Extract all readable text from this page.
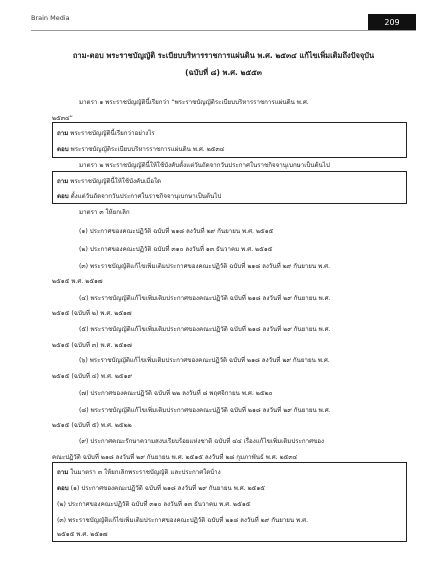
Brain Media	209
ถาม-ตอบ พระราชบัญญัติ ระเบียบบริหารราชการแผ่นดิน พ.ศ. ๒๕๓๔ แก้ไขเพิ่มเติมถึงปัจจุบัน
(ฉบับที่ ๘) พ.ศ. ๒๕๕๓
มาตรา ๑ พระราชบัญญัตินี้เรียกว่า “พระราชบัญญัติระเบียบบริหารราชการแผ่นดิน พ.ศ.
๒๕๓๔”
ถาม พระราชบัญญัตินี้เรียกว่าอย่างไร
ตอบ พระราชบัญญัติระเบียบบริหารราชการแผ่นดิน พ.ศ. ๒๕๓๔
มาตรา ๒ พระราชบัญญัตินี้ให้ใช้บังคับตั้งแต่วันถัดจากวันประกาศในราชกิจจานุเบกษาเป็นต้นไป
ถาม พระราชบัญญัตินี้ให้ใช้บังคับเมื่อใด
ตอบ ตั้งแต่วันถัดจากวันประกาศในราชกิจจานุเบกษาเป็นต้นไป
มาตรา ๓ ให้ยกเลิก
(๑) ประกาศของคณะปฏิวัติ ฉบับที่ ๒๑๘ ลงวันที่ ๒๙ กันยายน พ.ศ. ๒๕๑๕
(๒) ประกาศของคณะปฏิวัติ ฉบับที่ ๓๑๐ ลงวันที่ ๑๓ ธันวาคม พ.ศ. ๒๕๑๕
(๓) พระราชบัญญัติแก้ไขเพิ่มเติมประกาศของคณะปฏิวัติ ฉบับที่ ๒๑๘ ลงวันที่ ๒๙ กันยายน พ.ศ.
๒๕๑๕ พ.ศ. ๒๕๑๗
(๔) พระราชบัญญัติแก้ไขเพิ่มเติมประกาศของคณะปฏิวัติ ฉบับที่ ๒๑๘ ลงวันที่ ๒๙ กันยายน พ.ศ.
๒๕๑๕ (ฉบับที่ ๒) พ.ศ. ๒๕๑๗
(๕) พระราชบัญญัติแก้ไขเพิ่มเติมประกาศของคณะปฏิวัติ ฉบับที่ ๒๑๘ ลงวันที่ ๒๙ กันยายน พ.ศ.
๒๕๑๕ (ฉบับที่ ๓) พ.ศ. ๒๕๑๗
(๖) พระราชบัญญัติแก้ไขเพิ่มเติมประกาศของคณะปฏิวัติ ฉบับที่ ๒๑๘ ลงวันที่ ๒๙ กันยายน พ.ศ.
๒๕๑๕ (ฉบับที่ ๔) พ.ศ. ๒๕๑๙
(๗) ประกาศของคณะปฏิวัติ ฉบับที่ ๒๒ ลงวันที่ ๘ พฤศจิกายน พ.ศ. ๒๕๒๐
(๘) พระราชบัญญัติแก้ไขเพิ่มเติมประกาศของคณะปฏิวัติ ฉบับที่ ๒๑๘ ลงวันที่ ๒๙ กันยายน พ.ศ.
๒๕๑๕ (ฉบับที่ ๕) พ.ศ. ๒๕๒๒
(๙) ประกาศคณะรักษาความสงบเรียบร้อยแห่งชาติ ฉบับที่ ๔๔ เรื่องแก้ไขเพิ่มเติมประกาศของ
คณะปฏิวัติ ฉบับที่ ๒๑๘ ลงวันที่ ๒๙ กันยายน พ.ศ. ๒๕๑๕ ลงวันที่ ๒๘ กุมภาพันธ์ พ.ศ. ๒๕๓๔
ถาม ในมาตรา ๓ ให้ยกเลิกพระราชบัญญัติ และประกาศใดบ้าง
ตอบ (๑) ประกาศของคณะปฏิวัติ ฉบับที่ ๒๑๘ ลงวันที่ ๒๙ กันยายน พ.ศ. ๒๕๑๕
(๒) ประกาศของคณะปฏิวัติ ฉบับที่ ๓๑๐ ลงวันที่ ๑๓ ธันวาคม พ.ศ. ๒๕๑๕
(๓) พระราชบัญญัติแก้ไขเพิ่มเติมประกาศของคณะปฏิวัติ ฉบับที่ ๒๑๘ ลงวันที่ ๒๙ กันยายน พ.ศ.
๒๕๑๕ พ.ศ. ๒๕๑๗
